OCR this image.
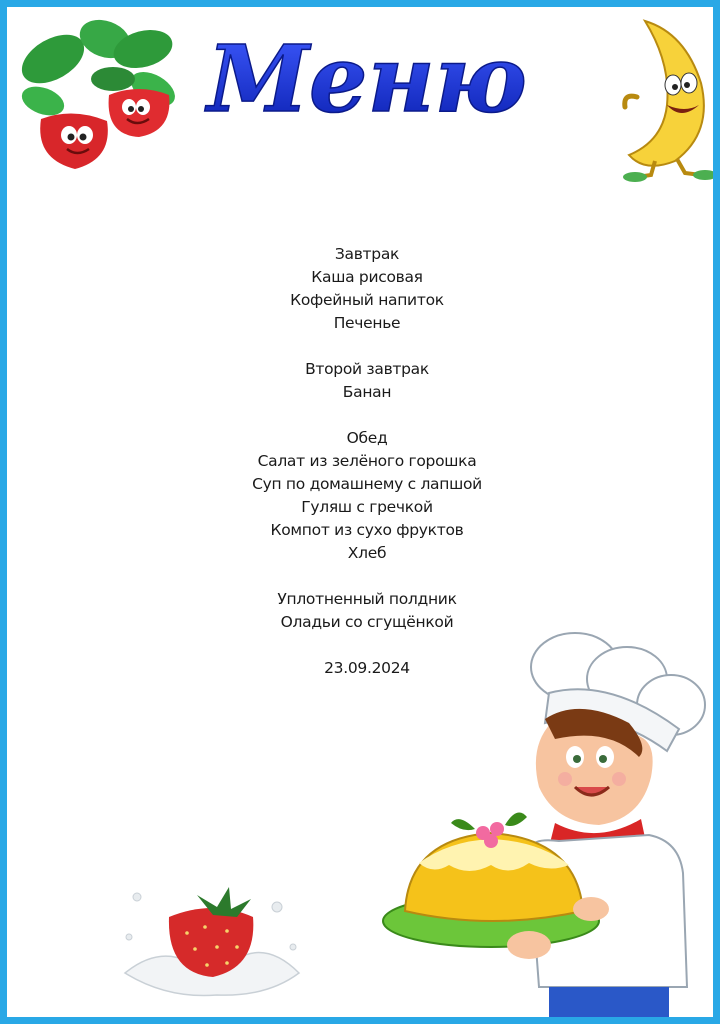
Меню
Завтрак
Каша рисовая
Кофейный напиток
Печенье
Второй завтрак
Банан
Обед
Салат из зелёного горошка
Суп по домашнему с лапшой
Гуляш с гречкой
Компот из сухо фруктов
Хлеб
Уплотненный полдник
Оладьи со сгущёнкой
23.09.2024
